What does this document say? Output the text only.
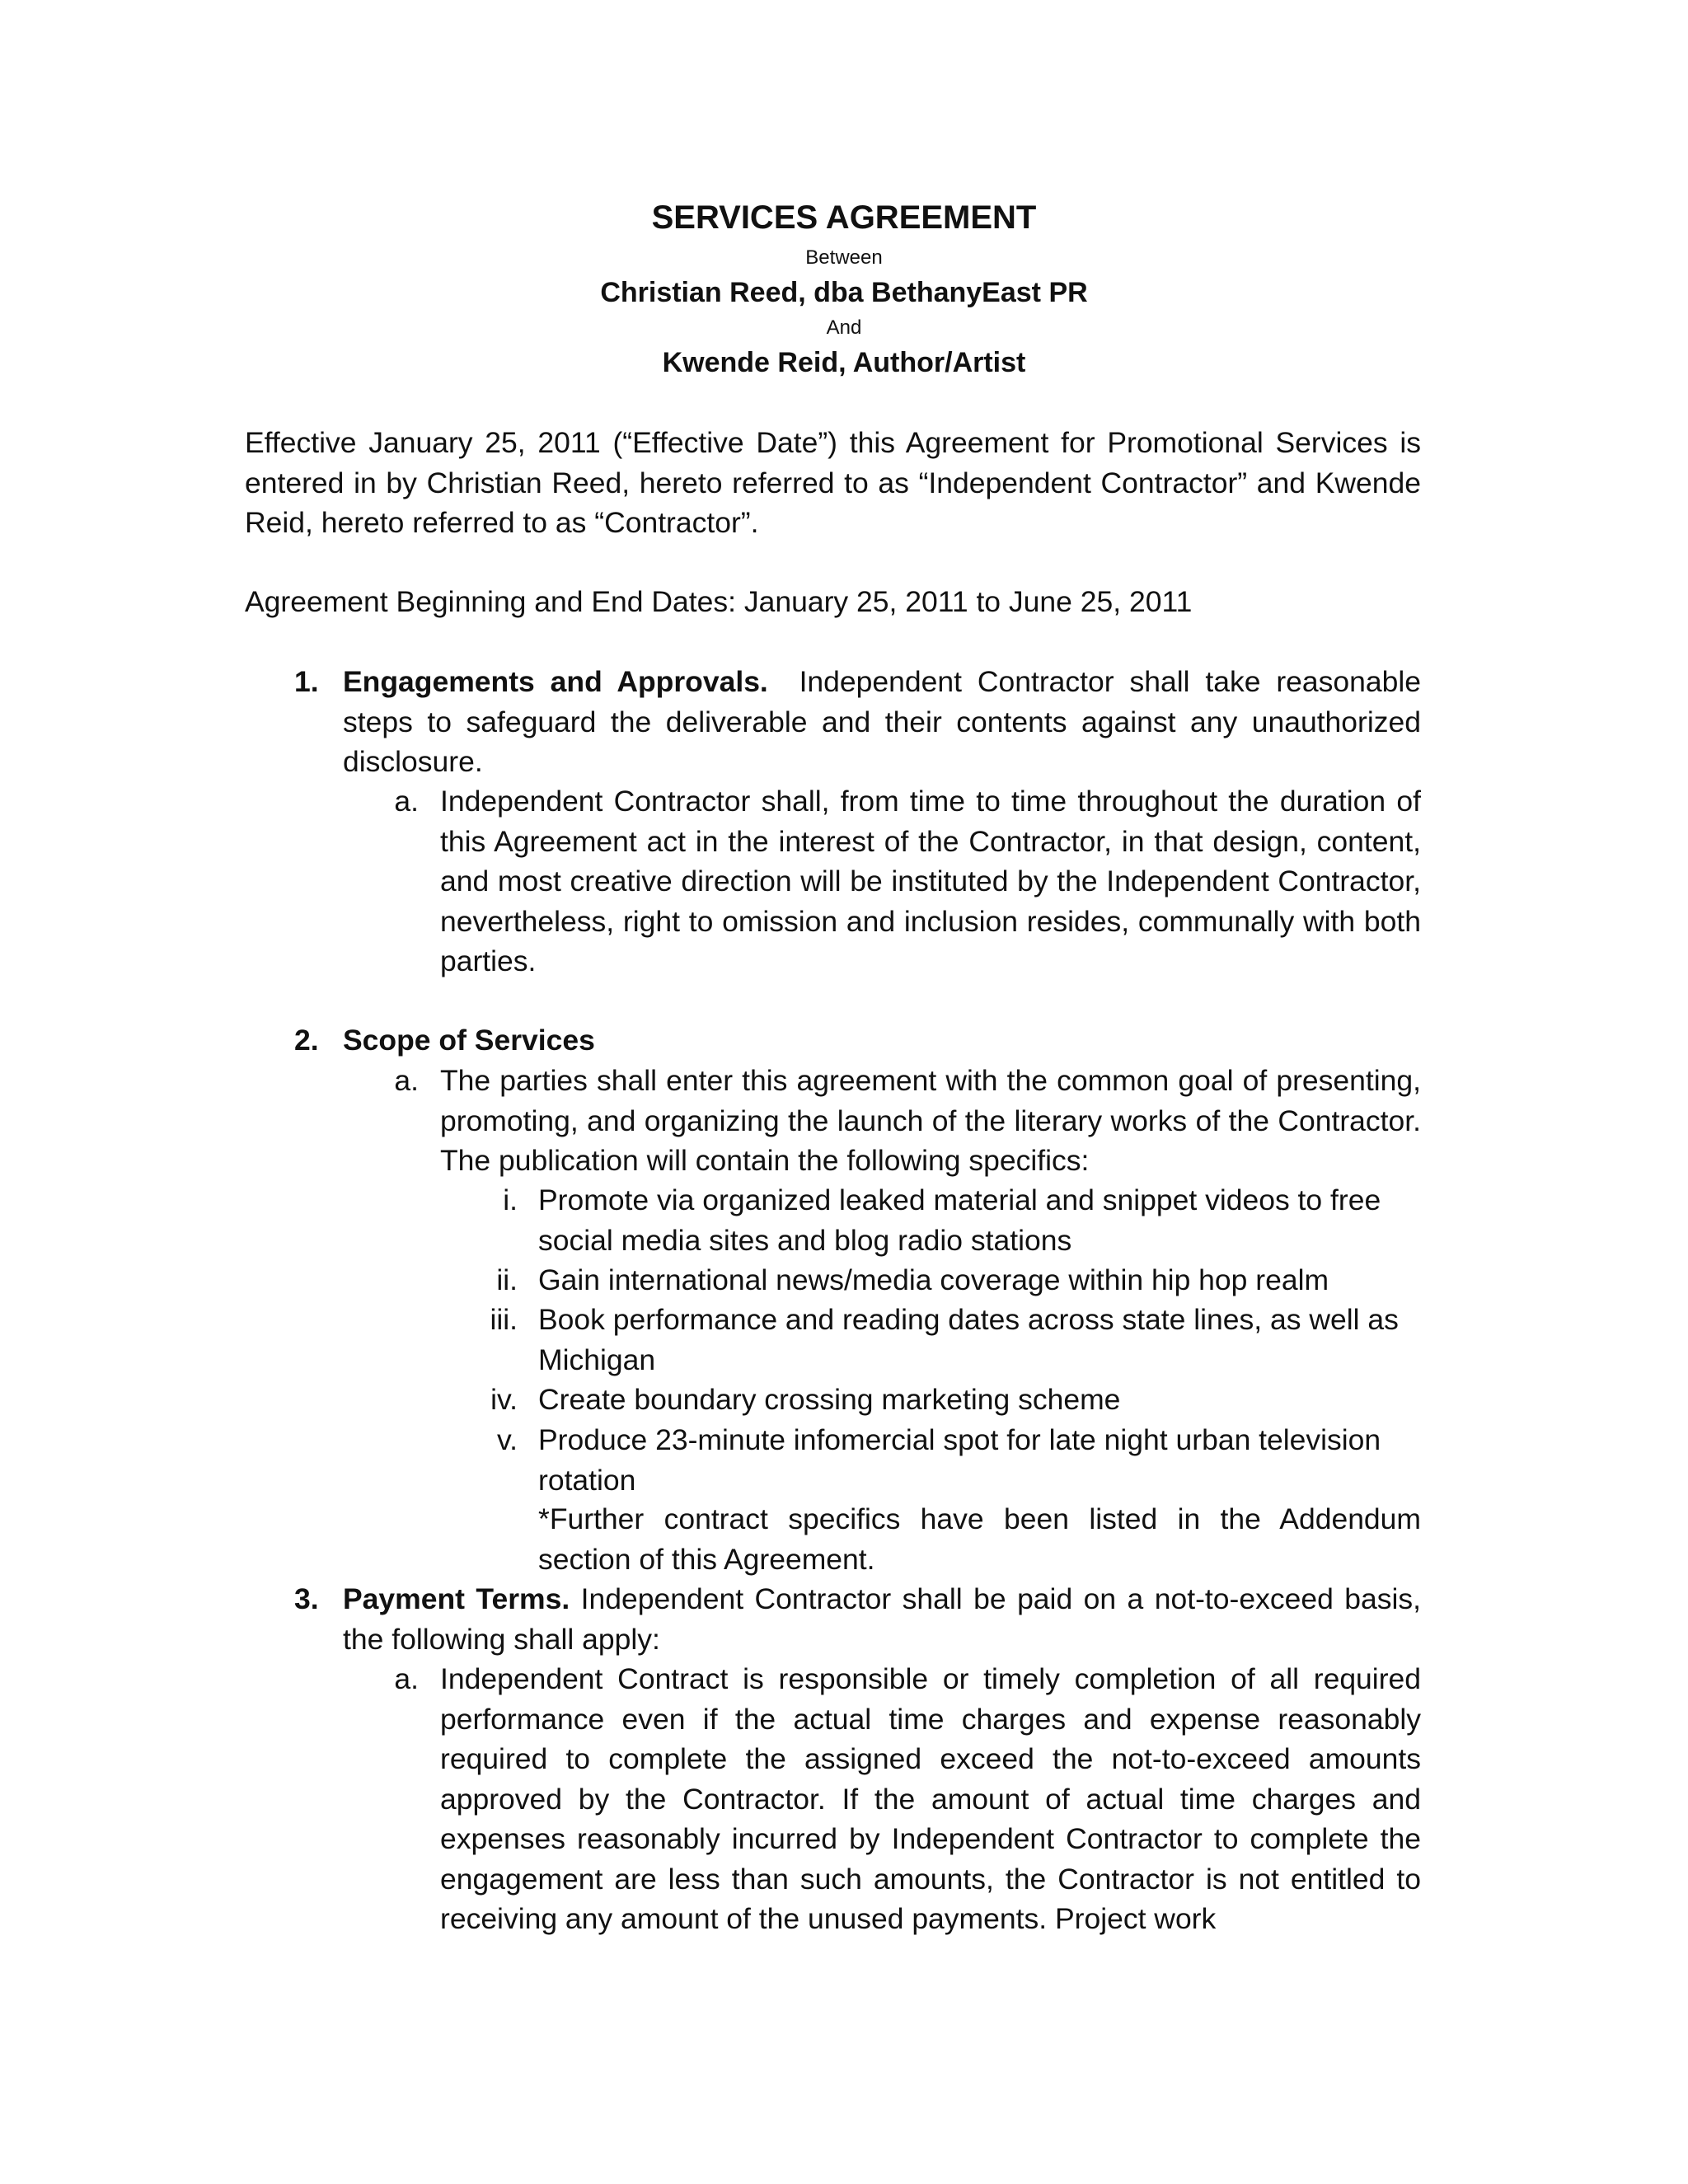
SERVICES AGREEMENT
Between
Christian Reed, dba BethanyEast PR
And
Kwende Reid, Author/Artist
Effective January 25, 2011 (“Effective Date”) this Agreement for Promotional Services is entered in by Christian Reed, hereto referred to as “Independent Contractor” and Kwende Reid, hereto referred to as “Contractor”.
Agreement Beginning and End Dates: January 25, 2011 to June 25, 2011
1. Engagements and Approvals. Independent Contractor shall take reasonable steps to safeguard the deliverable and their contents against any unauthorized disclosure.
a. Independent Contractor shall, from time to time throughout the duration of this Agreement act in the interest of the Contractor, in that design, content, and most creative direction will be instituted by the Independent Contractor, nevertheless, right to omission and inclusion resides, communally with both parties.
2. Scope of Services
a. The parties shall enter this agreement with the common goal of presenting, promoting, and organizing the launch of the literary works of the Contractor. The publication will contain the following specifics:
i. Promote via organized leaked material and snippet videos to free social media sites and blog radio stations
ii. Gain international news/media coverage within hip hop realm
iii. Book performance and reading dates across state lines, as well as Michigan
iv. Create boundary crossing marketing scheme
v. Produce 23-minute infomercial spot for late night urban television rotation
*Further contract specifics have been listed in the Addendum section of this Agreement.
3. Payment Terms. Independent Contractor shall be paid on a not-to-exceed basis, the following shall apply:
a. Independent Contract is responsible or timely completion of all required performance even if the actual time charges and expense reasonably required to complete the assigned exceed the not-to-exceed amounts approved by the Contractor. If the amount of actual time charges and expenses reasonably incurred by Independent Contractor to complete the engagement are less than such amounts, the Contractor is not entitled to receiving any amount of the unused payments. Project work
